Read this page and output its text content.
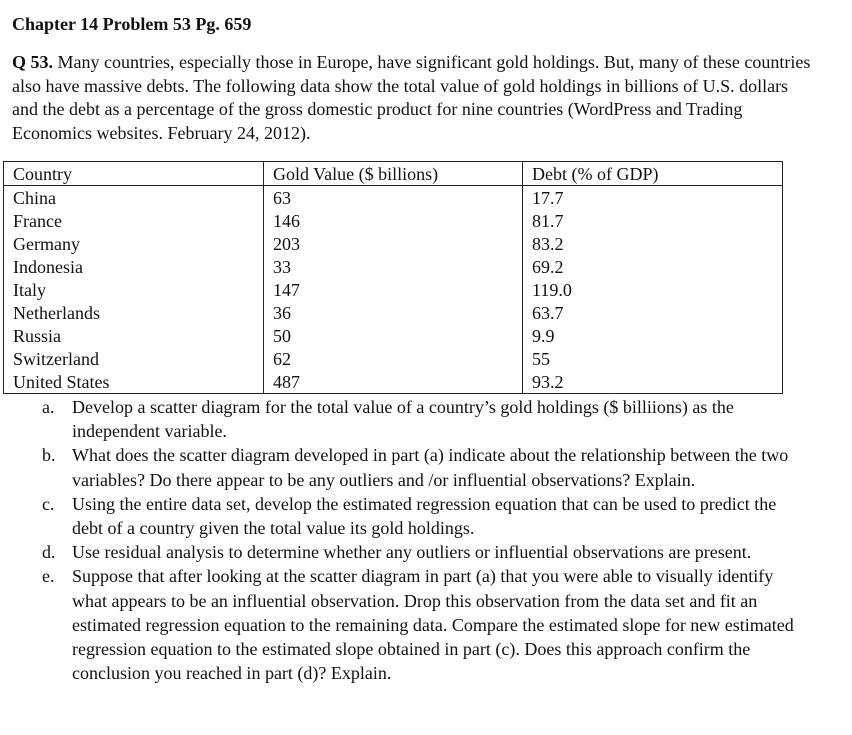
Chapter 14 Problem 53 Pg. 659
Q 53. Many countries, especially those in Europe, have significant gold holdings. But, many of these countries also have massive debts. The following data show the total value of gold holdings in billions of U.S. dollars and the debt as a percentage of the gross domestic product for nine countries (WordPress and Trading Economics websites. February 24, 2012).
Country	Gold Value ($ billions)	Debt (% of GDP)
China	63	17.7
France	146	81.7
Germany	203	83.2
Indonesia	33	69.2
Italy	147	119.0
Netherlands	36	63.7
Russia	50	9.9
Switzerland	62	55
United States	487	93.2
a. Develop a scatter diagram for the total value of a country’s gold holdings ($ billiions) as the independent variable.
b. What does the scatter diagram developed in part (a) indicate about the relationship between the two variables? Do there appear to be any outliers and /or influential observations? Explain.
c. Using the entire data set, develop the estimated regression equation that can be used to predict the debt of a country given the total value its gold holdings.
d. Use residual analysis to determine whether any outliers or influential observations are present.
e. Suppose that after looking at the scatter diagram in part (a) that you were able to visually identify what appears to be an influential observation. Drop this observation from the data set and fit an estimated regression equation to the remaining data. Compare the estimated slope for new estimated regression equation to the estimated slope obtained in part (c). Does this approach confirm the conclusion you reached in part (d)? Explain.
